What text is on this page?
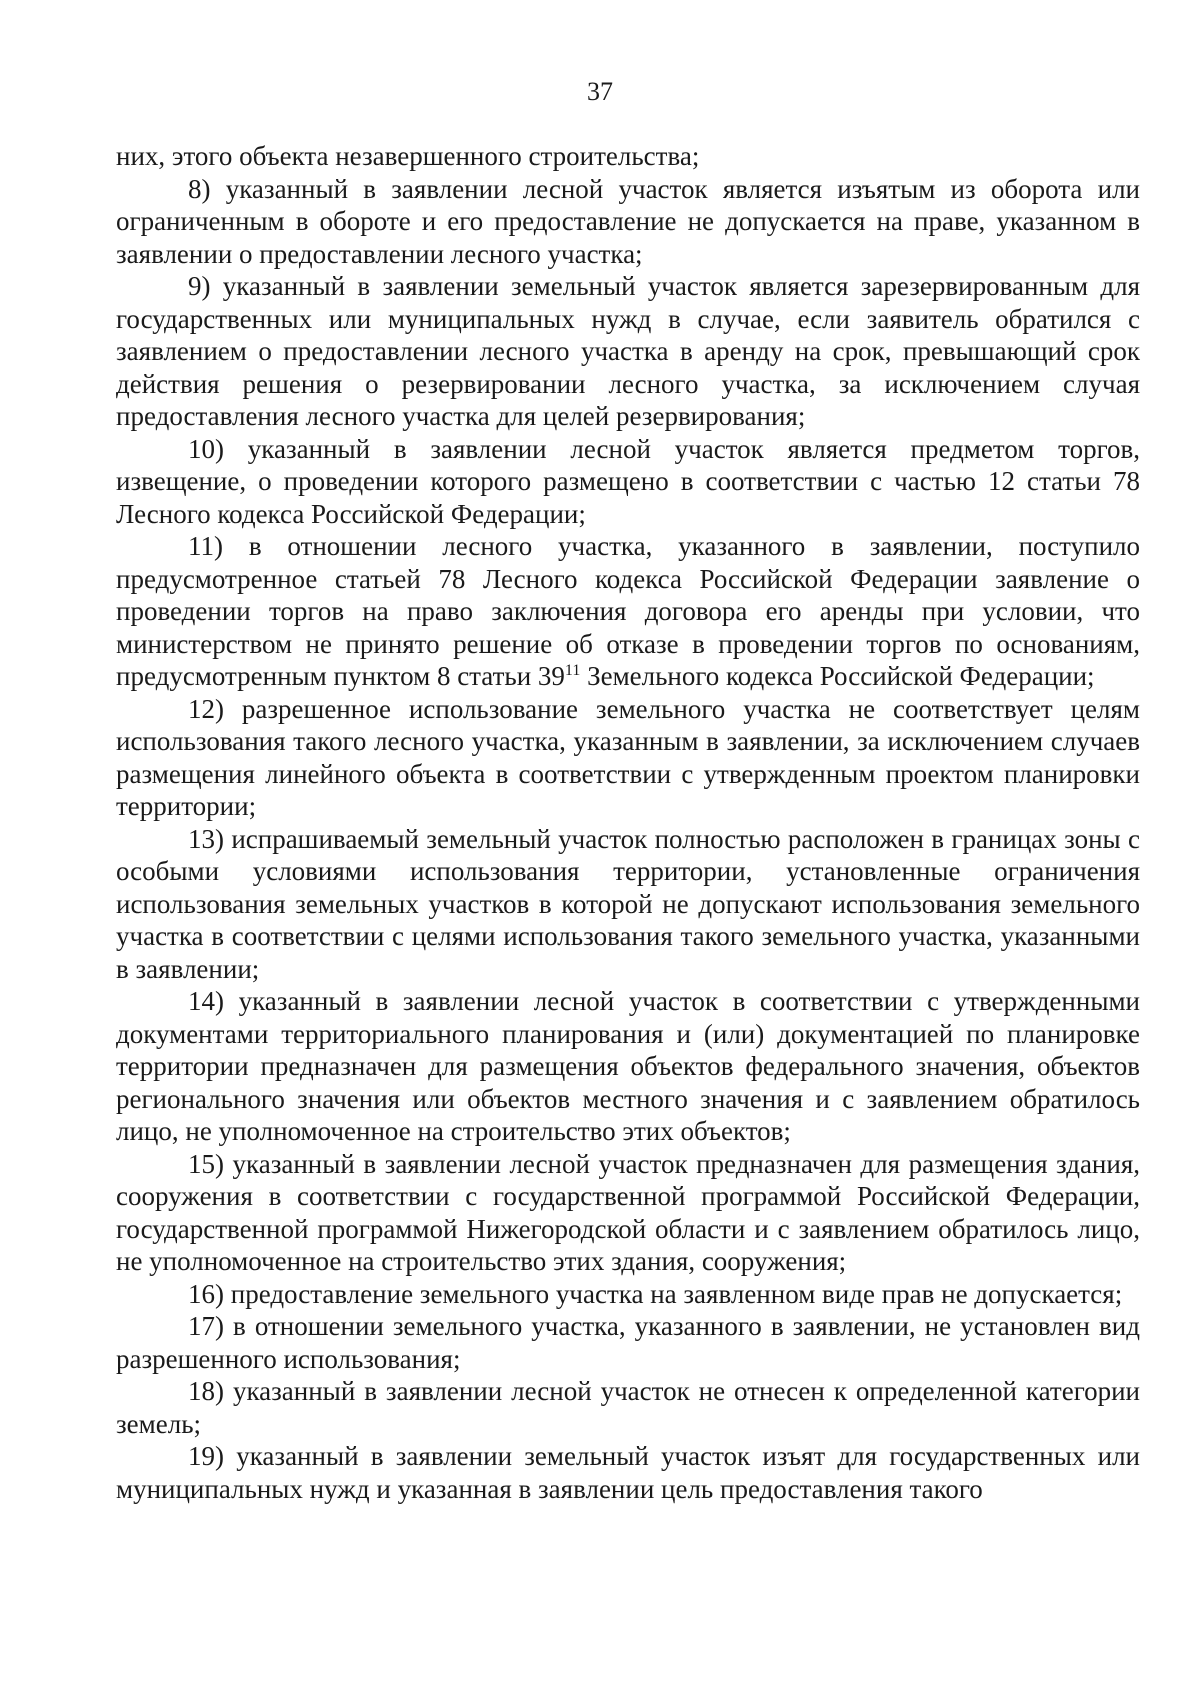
37

них, этого объекта незавершенного строительства;

8) указанный в заявлении лесной участок является изъятым из оборота или ограниченным в обороте и его предоставление не допускается на праве, указанном в заявлении о предоставлении лесного участка;

9) указанный в заявлении земельный участок является зарезервированным для государственных или муниципальных нужд в случае, если заявитель обратился с заявлением о предоставлении лесного участка в аренду на срок, превышающий срок действия решения о резервировании лесного участка, за исключением случая предоставления лесного участка для целей резервирования;

10) указанный в заявлении лесной участок является предметом торгов, извещение, о проведении которого размещено в соответствии с частью 12 статьи 78 Лесного кодекса Российской Федерации;

11) в отношении лесного участка, указанного в заявлении, поступило предусмотренное статьей 78 Лесного кодекса Российской Федерации заявление о проведении торгов на право заключения договора его аренды при условии, что министерством не принято решение об отказе в проведении торгов по основаниям, предусмотренным пунктом 8 статьи $39^{11}$ Земельного кодекса Российской Федерации;

12) разрешенное использование земельного участка не соответствует целям использования такого лесного участка, указанным в заявлении, за исключением случаев размещения линейного объекта в соответствии с утвержденным проектом планировки территории;

13) испрашиваемый земельный участок полностью расположен в границах зоны с особыми условиями использования территории, установленные ограничения использования земельных участков в которой не допускают использования земельного участка в соответствии с целями использования такого земельного участка, указанными в заявлении;

14) указанный в заявлении лесной участок в соответствии с утвержденными документами территориального планирования и (или) документацией по планировке территории предназначен для размещения объектов федерального значения, объектов регионального значения или объектов местного значения и с заявлением обратилось лицо, не уполномоченное на строительство этих объектов;

15) указанный в заявлении лесной участок предназначен для размещения здания, сооружения в соответствии с государственной программой Российской Федерации, государственной программой Нижегородской области и с заявлением обратилось лицо, не уполномоченное на строительство этих здания, сооружения;

16) предоставление земельного участка на заявленном виде прав не допускается;

17) в отношении земельного участка, указанного в заявлении, не установлен вид разрешенного использования;

18) указанный в заявлении лесной участок не отнесен к определенной категории земель;

19) указанный в заявлении земельный участок изъят для государственных или муниципальных нужд и указанная в заявлении цель предоставления такого
